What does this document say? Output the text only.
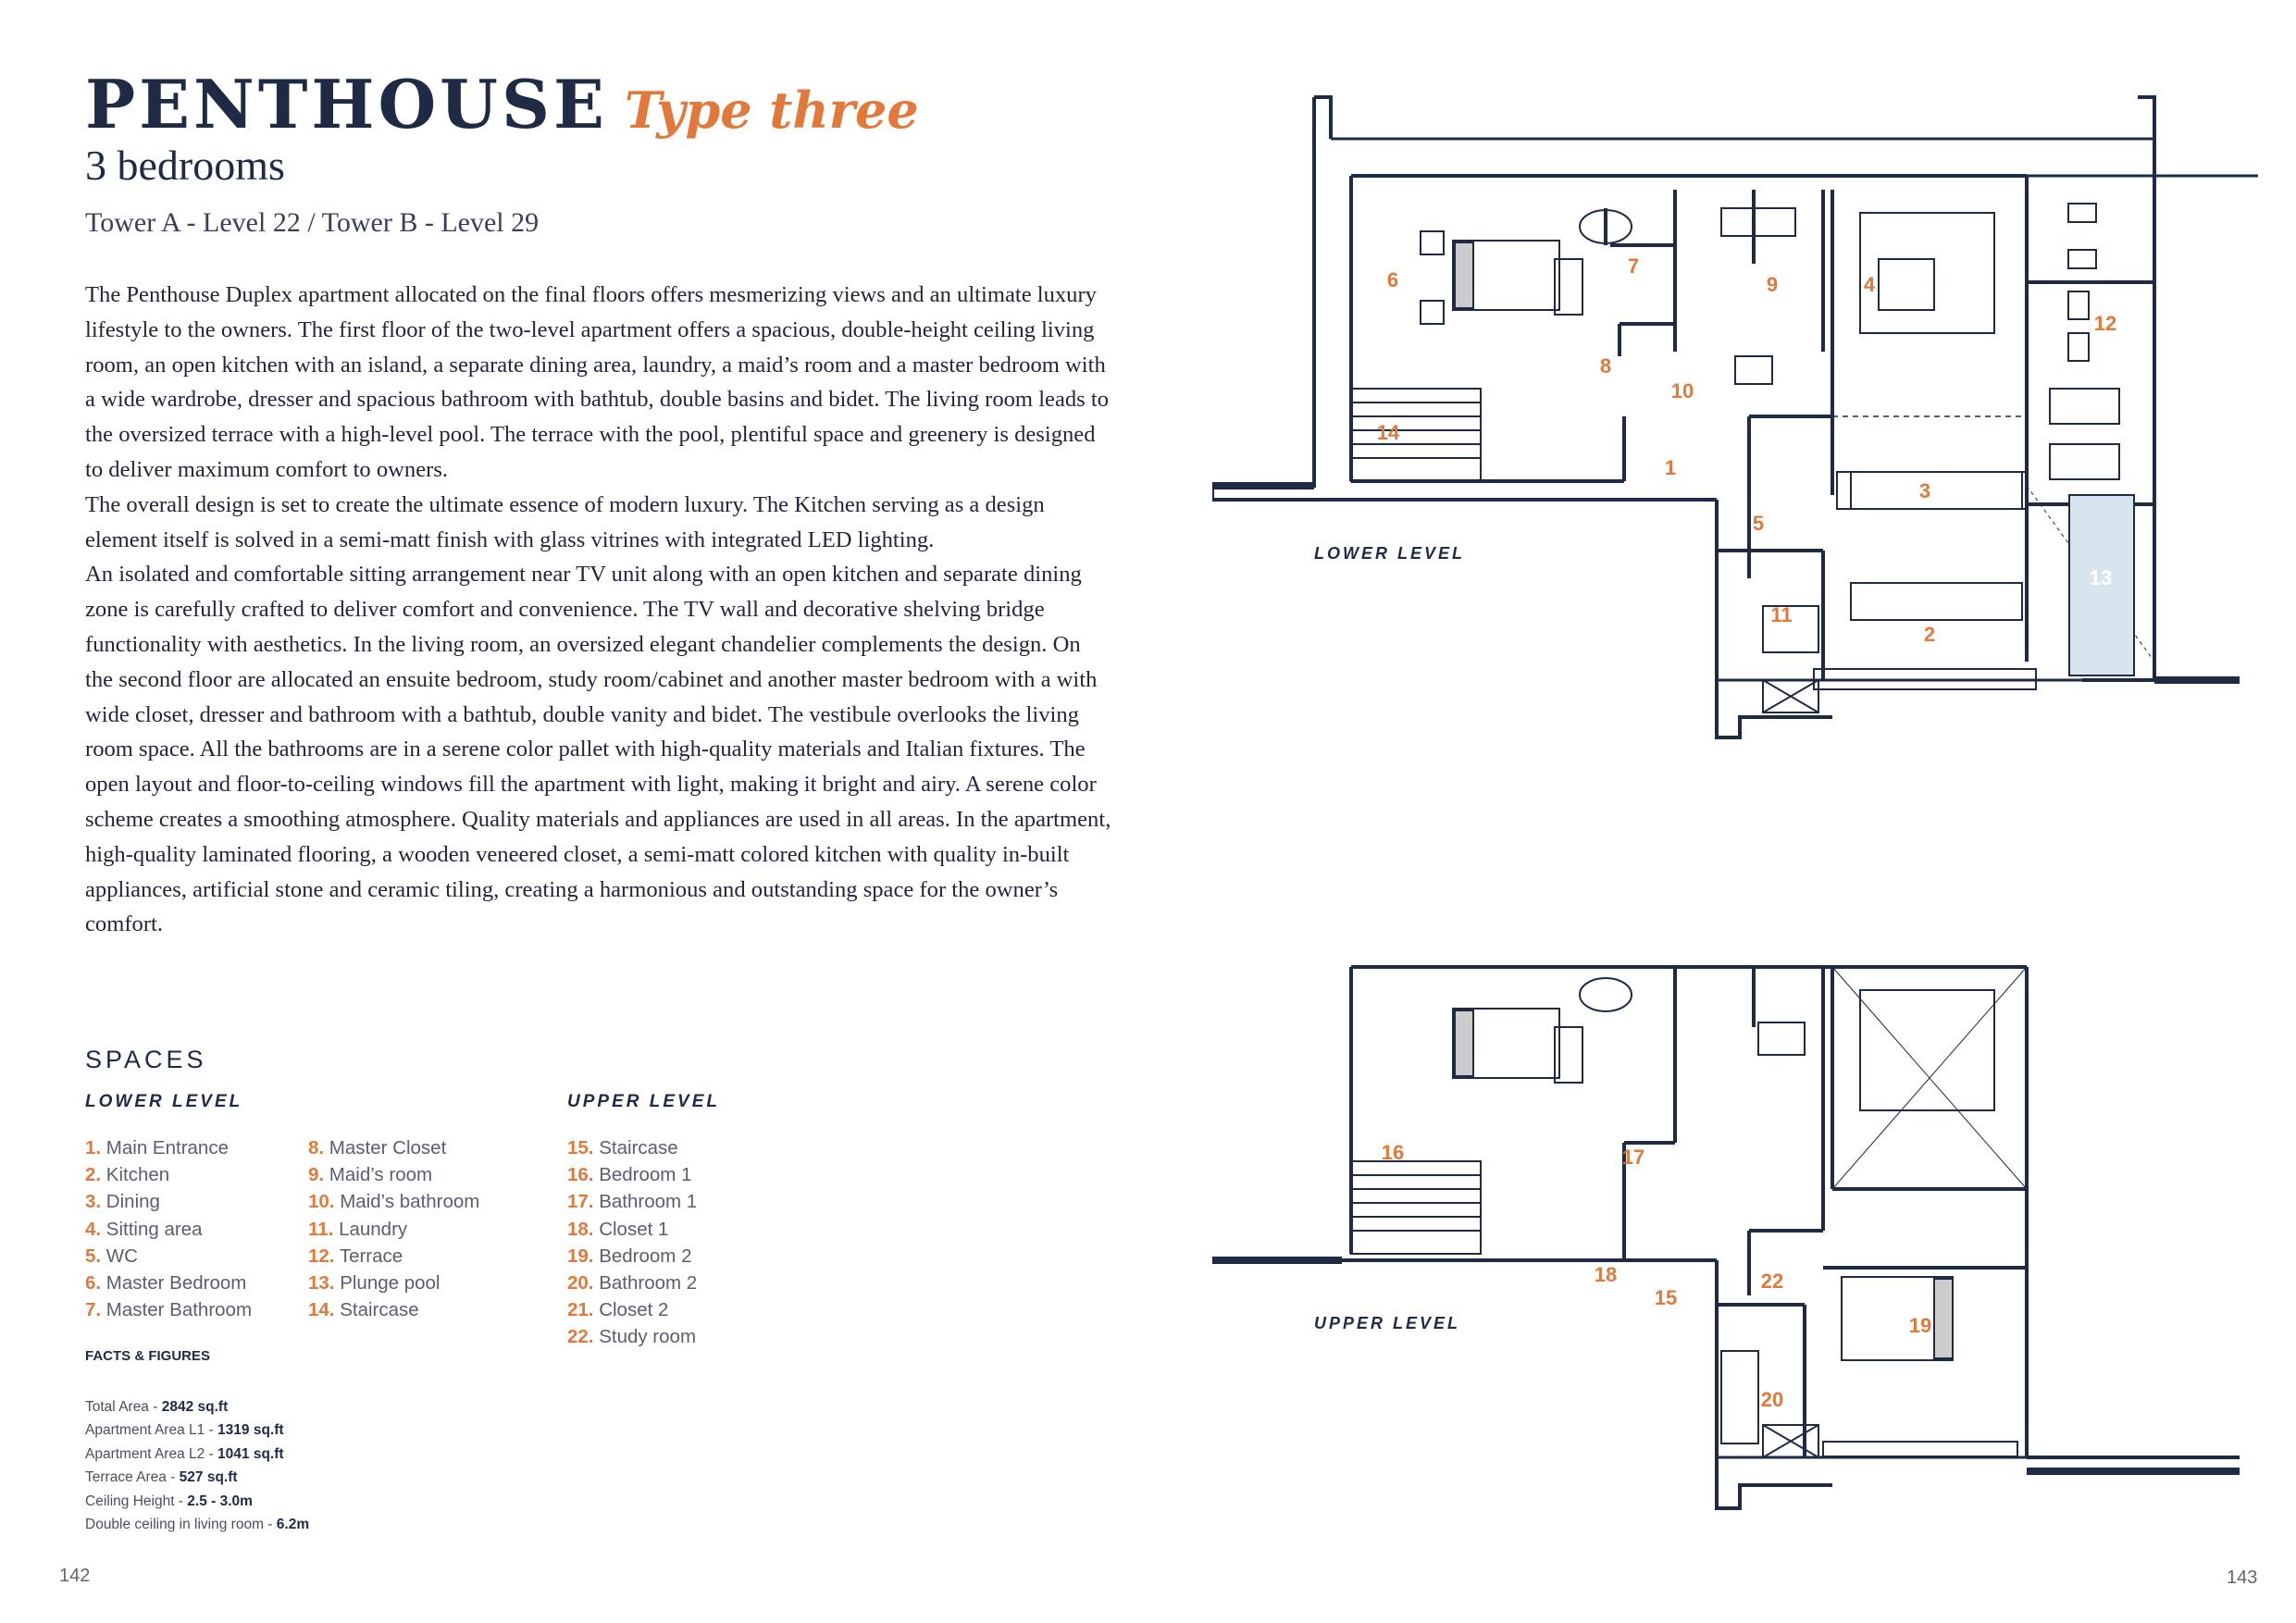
PENTHOUSE Type three
3 bedrooms
Tower A - Level 22 / Tower B - Level 29

The Penthouse Duplex apartment allocated on the final floors offers mesmerizing views and an ultimate luxury lifestyle to the owners. The first floor of the two-level apartment offers a spacious, double-height ceiling living room, an open kitchen with an island, a separate dining area, laundry, a maid’s room and a master bedroom with a wide wardrobe, dresser and spacious bathroom with bathtub, double basins and bidet. The living room leads to the oversized terrace with a high-level pool. The terrace with the pool, plentiful space and greenery is designed to deliver maximum comfort to owners.

The overall design is set to create the ultimate essence of modern luxury. The Kitchen serving as a design element itself is solved in a semi-matt finish with glass vitrines with integrated LED lighting.

An isolated and comfortable sitting arrangement near TV unit along with an open kitchen and separate dining zone is carefully crafted to deliver comfort and convenience. The TV wall and decorative shelving bridge functionality with aesthetics. In the living room, an oversized elegant chandelier complements the design. On the second floor are allocated an ensuite bedroom, study room/cabinet and another master bedroom with a with wide closet, dresser and bathroom with a bathtub, double vanity and bidet. The vestibule overlooks the living room space. All the bathrooms are in a serene color pallet with high-quality materials and Italian fixtures. The open layout and floor-to-ceiling windows fill the apartment with light, making it bright and airy. A serene color scheme creates a smoothing atmosphere. Quality materials and appliances are used in all areas. In the apartment, high-quality laminated flooring, a wooden veneered closet, a semi-matt colored kitchen with quality in-built appliances, artificial stone and ceramic tiling, creating a harmonious and outstanding space for the owner’s comfort.

SPACES
LOWER LEVEL	UPPER LEVEL
1. Main Entrance
2. Kitchen
3. Dining
4. Sitting area
5. WC
6. Master Bedroom
7. Master Bathroom
8. Master Closet
9. Maid’s room
10. Maid’s bathroom
11. Laundry
12. Terrace
13. Plunge pool
14. Staircase
15. Staircase
16. Bedroom 1
17. Bathroom 1
18. Closet 1
19. Bedroom 2
20. Bathroom 2
21. Closet 2
22. Study room
FACTS & FIGURES
Total Area - 2842 sq.ft
Apartment Area L1 - 1319 sq.ft
Apartment Area L2 - 1041 sq.ft
Terrace Area - 527 sq.ft
Ceiling Height - 2.5 - 3.0m
Double ceiling in living room - 6.2m
142	143
LOWER LEVEL
UPPER LEVEL
1
2
3
4
5
6
7
8
9
10
11
12
13
14
15
16	17
18
19
20
22
